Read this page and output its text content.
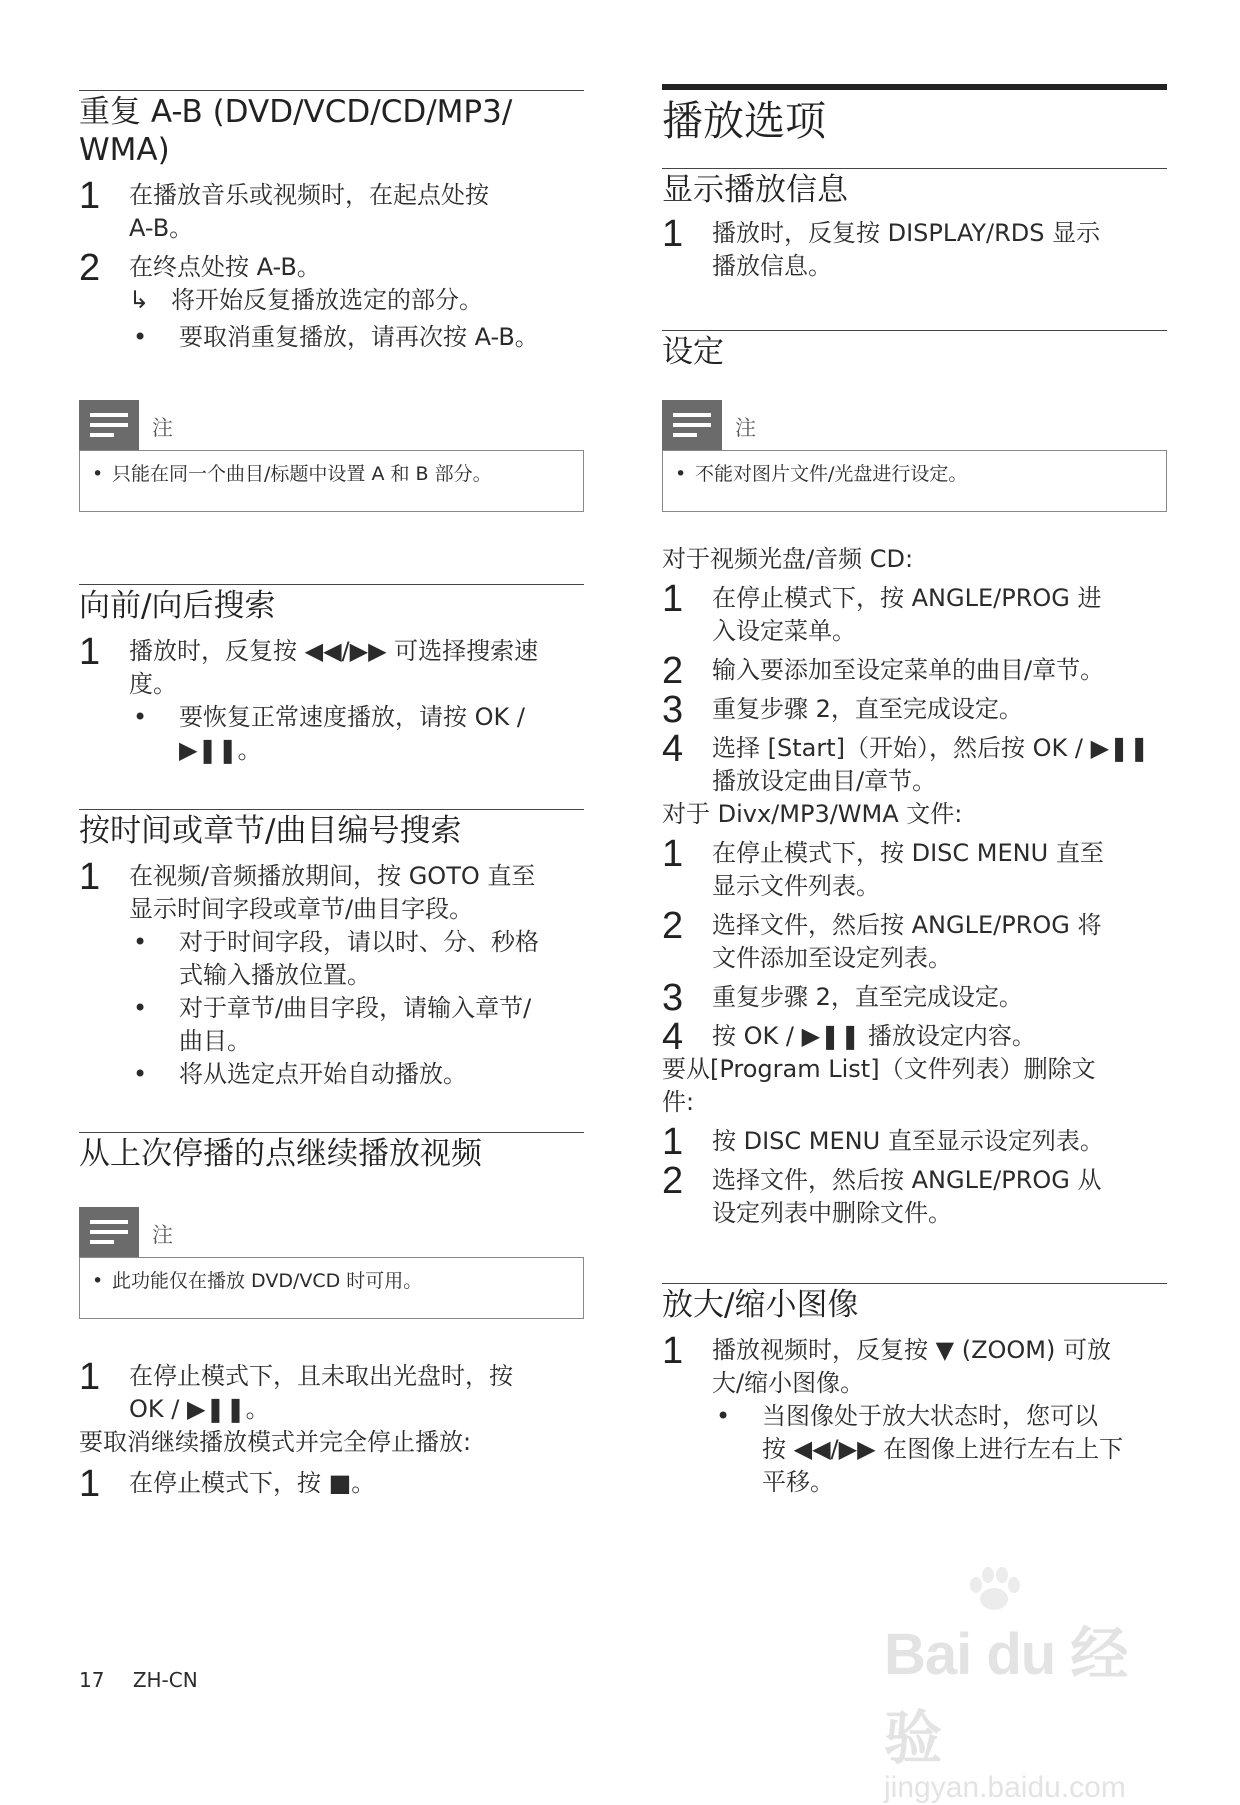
重复 A-B (DVD/VCD/CD/MP3/ WMA)
1 在播放音乐或视频时，在起点处按
A-B。
2 在终点处按 A-B。
↳ 将开始反复播放选定的部分。
• 要取消重复播放，请再次按 A-B。
注
• 只能在同一个曲目/标题中设置 A 和 B 部分。
向前/向后搜索
1 播放时，反复按 ◀◀/▶▶ 可选择搜索速
度。
• 要恢复正常速度播放，请按 OK /
▶❚❚。
按时间或章节/曲目编号搜索
1 在视频/音频播放期间，按 GOTO 直至
显示时间字段或章节/曲目字段。
• 对于时间字段，请以时、分、秒格
式输入播放位置。
• 对于章节/曲目字段，请输入章节/
曲目。
• 将从选定点开始自动播放。
从上次停播的点继续播放视频
注
• 此功能仅在播放 DVD/VCD 时可用。
1 在停止模式下，且未取出光盘时，按
OK / ▶❚❚。
要取消继续播放模式并完全停止播放:
1 在停止模式下，按 ■。
播放选项
显示播放信息
1 播放时，反复按 DISPLAY/RDS 显示
播放信息。
设定
注
• 不能对图片文件/光盘进行设定。
对于视频光盘/音频 CD:
1 在停止模式下，按 ANGLE/PROG 进
入设定菜单。
2 输入要添加至设定菜单的曲目/章节。
3 重复步骤 2，直至完成设定。
4 选择 [Start]（开始），然后按 OK / ▶❚❚
播放设定曲目/章节。
对于 Divx/MP3/WMA 文件:
1 在停止模式下，按 DISC MENU 直至
显示文件列表。
2 选择文件，然后按 ANGLE/PROG 将
文件添加至设定列表。
3 重复步骤 2，直至完成设定。
4 按 OK / ▶❚❚ 播放设定内容。
要从[Program List]（文件列表）删除文
件:
1 按 DISC MENU 直至显示设定列表。
2 选择文件，然后按 ANGLE/PROG 从
设定列表中删除文件。
放大/缩小图像
1 播放视频时，反复按 ▼ (ZOOM) 可放
大/缩小图像。
• 当图像处于放大状态时，您可以
按 ◀◀/▶▶ 在图像上进行左右上下
平移。
17 ZH-CN	Bai du 经验
jingyan.baidu.com
